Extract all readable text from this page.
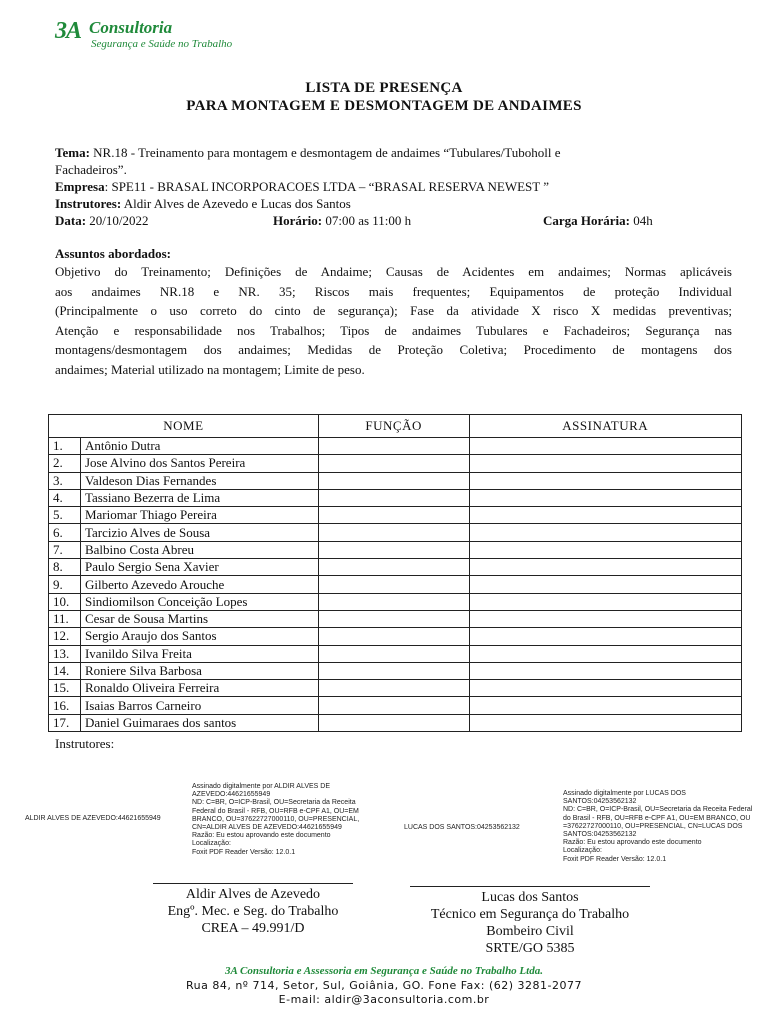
3A Consultoria
Segurança e Saúde no Trabalho
LISTA DE PRESENÇA
PARA MONTAGEM E DESMONTAGEM DE ANDAIMES
Tema: NR.18 - Treinamento para montagem e desmontagem de andaimes “Tubulares/Tuboholl e
Fachadeiros”.
Empresa: SPE11 - BRASAL INCORPORACOES LTDA – “BRASAL RESERVA NEWEST ”
Instrutores: Aldir Alves de Azevedo e Lucas dos Santos
Data: 20/10/2022	Horário: 07:00 as 11:00 h	Carga Horária: 04h
Assuntos abordados:
Objetivo do Treinamento; Definições de Andaime; Causas de Acidentes em andaimes; Normas aplicáveis
aos andaimes NR.18 e NR. 35; Riscos mais frequentes; Equipamentos de proteção Individual
(Principalmente o uso correto do cinto de segurança); Fase da atividade X risco X medidas preventivas;
Atenção e responsabilidade nos Trabalhos; Tipos de andaimes Tubulares e Fachadeiros; Segurança nas
montagens/desmontagem dos andaimes; Medidas de Proteção Coletiva; Procedimento de montagens dos
andaimes; Material utilizado na montagem; Limite de peso.
NOME		FUNÇÃO	ASSINATURA
1.	Antônio Dutra		
2.	Jose Alvino dos Santos Pereira		
3.	Valdeson Dias Fernandes		
4.	Tassiano Bezerra de Lima		
5.	Mariomar Thiago Pereira		
6.	Tarcizio Alves de Sousa		
7.	Balbino Costa Abreu		
8.	Paulo Sergio Sena Xavier		
9.	Gilberto Azevedo Arouche		
10.	Sindiomilson Conceição Lopes		
11.	Cesar de Sousa Martins		
12.	Sergio Araujo dos Santos		
13.	Ivanildo Silva Freita		
14.	Roniere Silva Barbosa		
15.	Ronaldo Oliveira Ferreira		
16.	Isaias Barros Carneiro		
17.	Daniel Guimaraes dos santos		
Instrutores:
ALDIR ALVES DE AZEVEDO:44621655949
Assinado digitalmente por ALDIR ALVES DE
AZEVEDO:44621655949
ND: C=BR, O=ICP-Brasil, OU=Secretaria da Receita
Federal do Brasil - RFB, OU=RFB e-CPF A1, OU=EM
BRANCO, OU=37622727000110, OU=PRESENCIAL,
CN=ALDIR ALVES DE AZEVEDO:44621655949
Razão: Eu estou aprovando este documento
Localização:
Foxit PDF Reader Versão: 12.0.1
LUCAS DOS SANTOS:04253562132
Assinado digitalmente por LUCAS DOS
SANTOS:04253562132
ND: C=BR, O=ICP-Brasil, OU=Secretaria da Receita Federal
do Brasil - RFB, OU=RFB e-CPF A1, OU=EM BRANCO, OU
=37622727000110, OU=PRESENCIAL, CN=LUCAS DOS
SANTOS:04253562132
Razão: Eu estou aprovando este documento
Localização:
Foxit PDF Reader Versão: 12.0.1
Aldir Alves de Azevedo
Engº. Mec. e Seg. do Trabalho
CREA – 49.991/D
Lucas dos Santos
Técnico em Segurança do Trabalho
Bombeiro Civil
SRTE/GO 5385
3A Consultoria e Assessoria em Segurança e Saúde no Trabalho Ltda.
Rua 84, nº 714, Setor, Sul, Goiânia, GO. Fone Fax: (62) 3281-2077
E-mail: aldir@3aconsultoria.com.br
